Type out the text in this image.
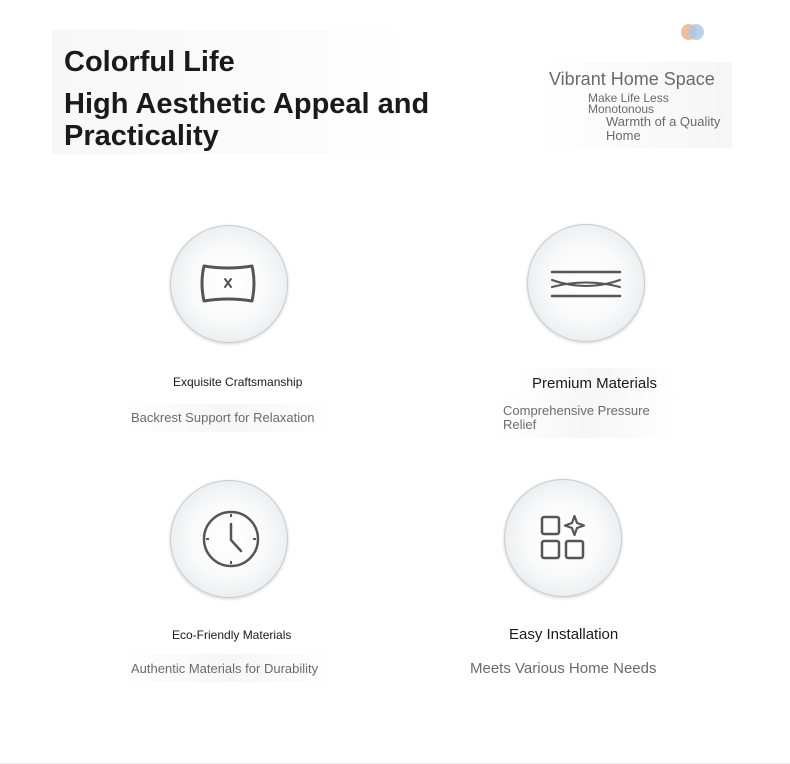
Colorful Life
High Aesthetic Appeal and Practicality
Vibrant Home Space
Make Life Less Monotonous
Warmth of a Quality Home
Exquisite Craftsmanship
Backrest Support for Relaxation
Premium Materials
Comprehensive Pressure Relief
Eco-Friendly Materials
Authentic Materials for Durability
Easy Installation
Meets Various Home Needs
